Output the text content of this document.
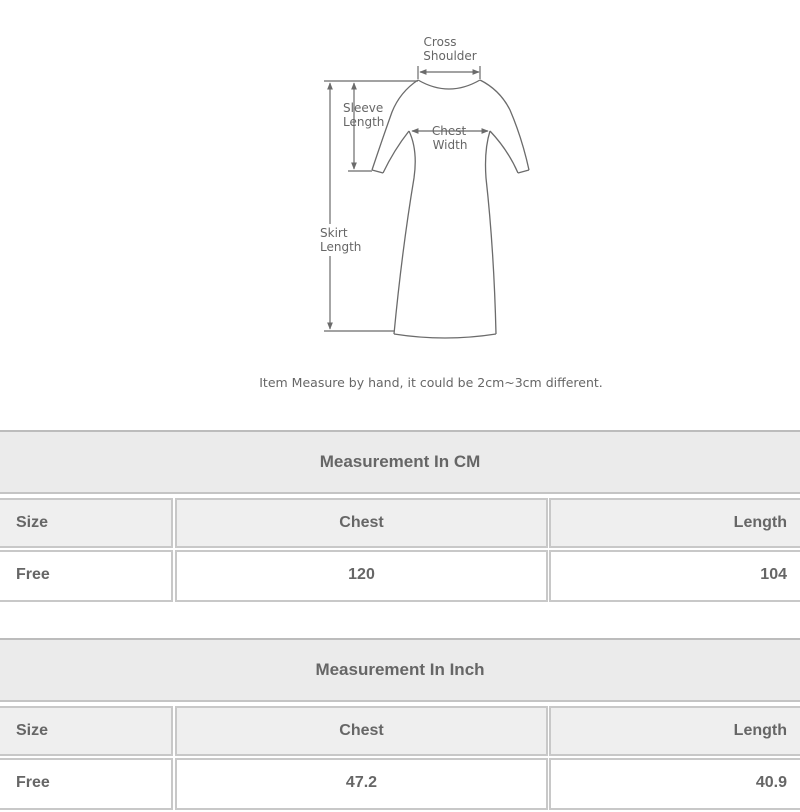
Cross
Shoulder
Sleeve
Length
Chest
Width
Skirt
Length
Item Measure by hand, it could be 2cm~3cm different.
Measurement In CM
Size	Chest	Length
Free	120	104
Measurement In Inch
Size	Chest	Length
Free	47.2	40.9
